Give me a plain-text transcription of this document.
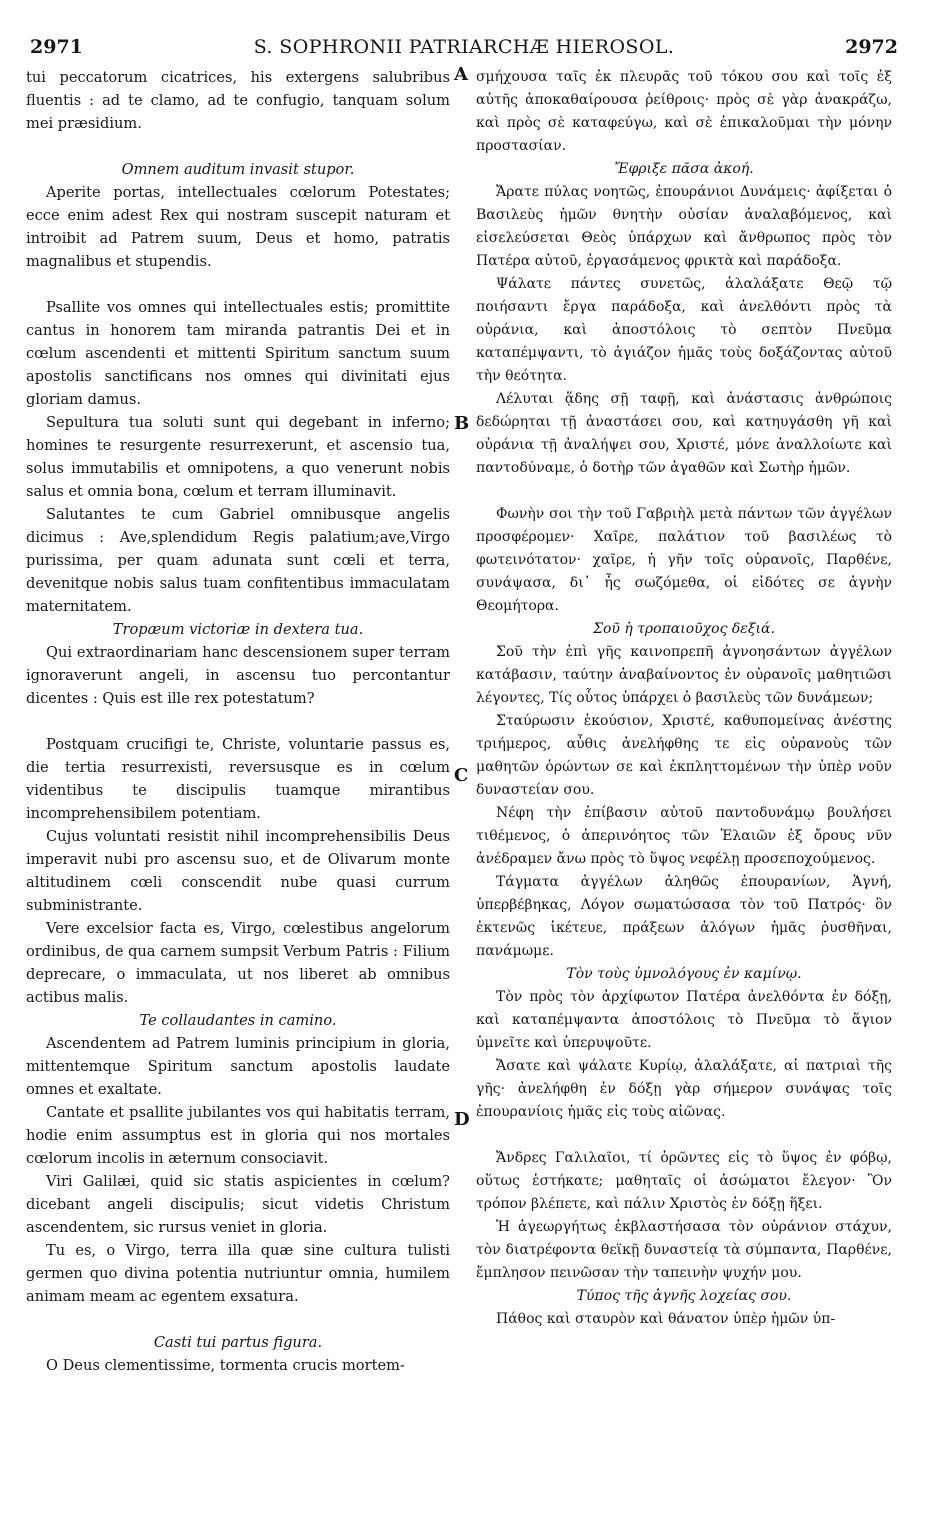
2971	S. SOPHRONII PATRIARCHÆ HIEROSOL.	2972
A
B
C
D

tui peccatorum cicatrices, his extergens salubribus fluentis : ad te clamo, ad te confugio, tanquam solum mei præsidium.

Omnem auditum invasit stupor.

Aperite portas, intellectuales cœlorum Potestates; ecce enim adest Rex qui nostram suscepit naturam et introibit ad Patrem suum, Deus et homo, patratis magnalibus et stupendis.

Psallite vos omnes qui intellectuales estis; promittite cantus in honorem tam miranda patrantis Dei et in cœlum ascendenti et mittenti Spiritum sanctum suum apostolis sanctificans nos omnes qui divinitati ejus gloriam damus.

Sepultura tua soluti sunt qui degebant in inferno; homines te resurgente resurrexerunt, et ascensio tua, solus immutabilis et omnipotens, a quo venerunt nobis salus et omnia bona, cœlum et terram illuminavit.

Salutantes te cum Gabriel omnibusque angelis dicimus : Ave,splendidum Regis palatium;ave,Virgo purissima, per quam adunata sunt cœli et terra, devenitque nobis salus tuam confitentibus immaculatam maternitatem.

Tropæum victoriæ in dextera tua.

Qui extraordinariam hanc descensionem super terram ignoraverunt angeli, in ascensu tuo percontantur dicentes : Quis est ille rex potestatum?

Postquam crucifigi te, Christe, voluntarie passus es, die tertia resurrexisti, reversusque es in cœlum videntibus te discipulis tuamque mirantibus incomprehensibilem potentiam.

Cujus voluntati resistit nihil incomprehensibilis Deus imperavit nubi pro ascensu suo, et de Olivarum monte altitudinem cœli conscendit nube quasi currum subministrante.

Vere excelsior facta es, Virgo, cœlestibus angelorum ordinibus, de qua carnem sumpsit Verbum Patris : Filium deprecare, o immaculata, ut nos liberet ab omnibus actibus malis.

Te collaudantes in camino.

Ascendentem ad Patrem luminis principium in gloria, mittentemque Spiritum sanctum apostolis laudate omnes et exaltate.

Cantate et psallite jubilantes vos qui habitatis terram, hodie enim assumptus est in gloria qui nos mortales cœlorum incolis in æternum consociavit.

Viri Galilæi, quid sic statis aspicientes in cœlum? dicebant angeli discipulis; sicut videtis Christum ascendentem, sic rursus veniet in gloria.

Tu es, o Virgo, terra illa quæ sine cultura tulisti germen quo divina potentia nutriuntur omnia, humilem animam meam ac egentem exsatura.

Casti tui partus figura.

O Deus clementissime, tormenta crucis mortem-

σμήχουσα ταῖς ἐκ πλευρᾶς τοῦ τόκου σου καὶ τοῖς ἐξ αὐτῆς ἀποκαθαίρουσα ῥείθροις· πρὸς σὲ γὰρ ἀνακράζω, καὶ πρὸς σὲ καταφεύγω, καὶ σὲ ἐπικαλοῦμαι τὴν μόνην προστασίαν.

Ἔφριξε πᾶσα ἀκοή.

Ἄρατε πύλας νοητῶς, ἐπουράνιοι Δυνάμεις· ἀφίξεται ὁ Βασιλεὺς ἡμῶν θνητὴν οὐσίαν ἀναλαβόμενος, καὶ εἰσελεύσεται Θεὸς ὑπάρχων καὶ ἄνθρωπος πρὸς τὸν Πατέρα αὐτοῦ, ἐργασάμενος φρικτὰ καὶ παράδοξα.

Ψάλατε πάντες συνετῶς, ἀλαλάξατε Θεῷ τῷ ποιήσαντι ἔργα παράδοξα, καὶ ἀνελθόντι πρὸς τὰ οὐράνια, καὶ ἀποστόλοις τὸ σεπτὸν Πνεῦμα καταπέμψαντι, τὸ ἁγιάζον ἡμᾶς τοὺς δοξάζοντας αὐτοῦ τὴν θεότητα.

Λέλυται ᾅδης σῇ ταφῇ, καὶ ἀνάστασις ἀνθρώποις δεδώρηται τῇ ἀναστάσει σου, καὶ κατηυγάσθη γῆ καὶ οὐράνια τῇ ἀναλήψει σου, Χριστέ, μόνε ἀναλλοίωτε καὶ παντοδύναμε, ὁ δοτὴρ τῶν ἀγαθῶν καὶ Σωτὴρ ἡμῶν.

Φωνὴν σοι τὴν τοῦ Γαβριὴλ μετὰ πάντων τῶν ἀγγέλων προσφέρομεν· Χαῖρε, παλάτιον τοῦ βασιλέως τὸ φωτεινότατον· χαῖρε, ἡ γῆν τοῖς οὐρανοῖς, Παρθένε, συνάψασα, δι᾿ ἧς σωζόμεθα, οἱ εἰδότες σε ἁγνὴν Θεομήτορα.

Σοῦ ἡ τροπαιοῦχος δεξιά.

Σοῦ τὴν ἐπὶ γῆς καινοπρεπῆ ἀγνοησάντων ἀγγέλων κατάβασιν, ταύτην ἀναβαίνοντος ἐν οὐρανοῖς μαθητιῶσι λέγοντες, Τίς οὗτος ὑπάρχει ὁ βασιλεὺς τῶν δυνάμεων;

Σταύρωσιν ἑκούσιον, Χριστέ, καθυπομείνας ἀνέστης τριήμερος, αὖθις ἀνελήφθης τε εἰς οὐρανοὺς τῶν μαθητῶν ὁρώντων σε καὶ ἐκπληττομένων τὴν ὑπὲρ νοῦν δυναστείαν σου.

Νέφη τὴν ἐπίβασιν αὐτοῦ παντοδυνάμῳ βουλήσει τιθέμενος, ὁ ἀπερινόητος τῶν Ἐλαιῶν ἐξ ὄρους νῦν ἀνέδραμεν ἄνω πρὸς τὸ ὕψος νεφέλῃ προσεποχούμενος.

Τάγματα ἀγγέλων ἀληθῶς ἐπουρανίων, Ἁγνή, ὑπερβέβηκας, Λόγον σωματώσασα τὸν τοῦ Πατρός· ὃν ἐκτενῶς ἱκέτευε, πράξεων ἀλόγων ἡμᾶς ῥυσθῆναι, πανάμωμε.

Τὸν τοὺς ὑμνολόγους ἐν καμίνῳ.

Τὸν πρὸς τὸν ἀρχίφωτον Πατέρα ἀνελθόντα ἐν δόξῃ, καὶ καταπέμψαντα ἀποστόλοις τὸ Πνεῦμα τὸ ἅγιον ὑμνεῖτε καὶ ὑπερυψοῦτε.

Ἄσατε καὶ ψάλατε Κυρίῳ, ἀλαλάξατε, αἱ πατριαὶ τῆς γῆς· ἀνελήφθη ἐν δόξῃ γὰρ σήμερον συνάψας τοῖς ἐπουρανίοις ἡμᾶς εἰς τοὺς αἰῶνας.

Ἄνδρες Γαλιλαῖοι, τί ὁρῶντες εἰς τὸ ὕψος ἐν φόβῳ, οὕτως ἑστήκατε; μαθηταῖς οἱ ἀσώματοι ἔλεγον· Ὃν τρόπον βλέπετε, καὶ πάλιν Χριστὸς ἐν δόξῃ ἥξει.

Ἡ ἀγεωργήτως ἐκβλαστήσασα τὸν οὐράνιον στάχυν, τὸν διατρέφοντα θεϊκῇ δυναστείᾳ τὰ σύμπαντα, Παρθένε, ἔμπλησον πεινῶσαν τὴν ταπεινὴν ψυχήν μου.

Τύπος τῆς ἁγνῆς λοχείας σου.

Πάθος καὶ σταυρὸν καὶ θάνατον ὑπὲρ ἡμῶν ὑπ-
